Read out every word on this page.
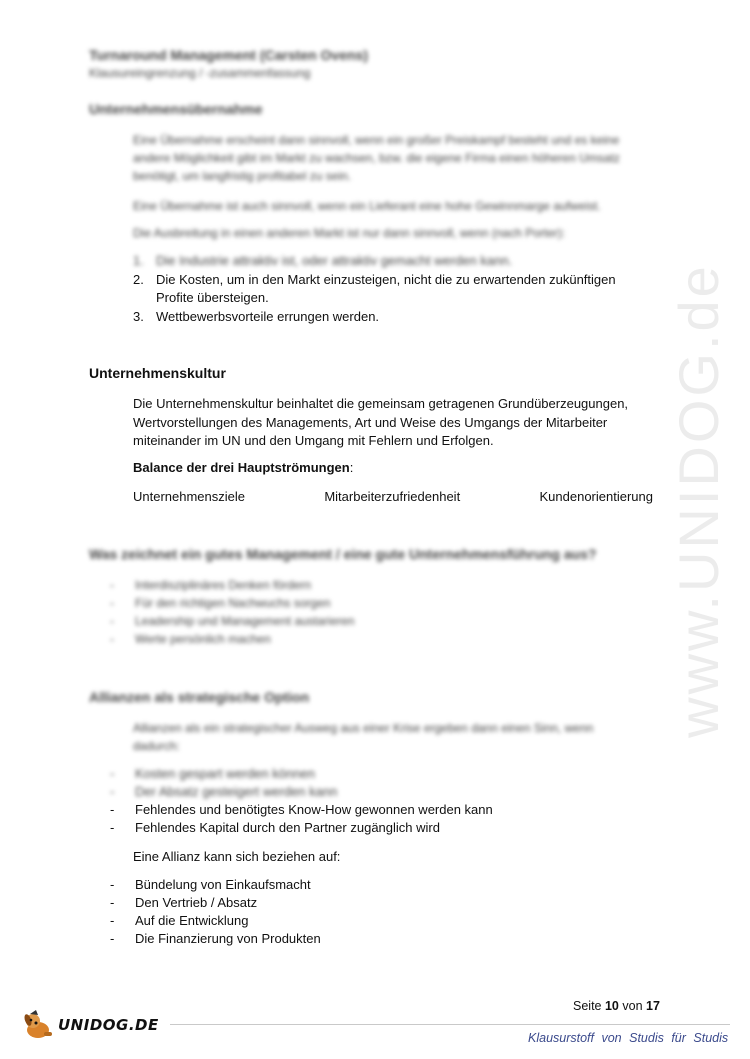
www.UNIDOG.de
Turnaround Management (Carsten Ovens)
Klausureingrenzung / -zusammenfassung
Unternehmensübernahme

Eine Übernahme erscheint dann sinnvoll, wenn ein großer Preiskampf besteht und es keine andere Möglichkeit gibt im Markt zu wachsen, bzw. die eigene Firma einen höheren Umsatz benötigt, um langfristig profitabel zu sein.

Eine Übernahme ist auch sinnvoll, wenn ein Lieferant eine hohe Gewinnmarge aufweist.

Die Ausbreitung in einen anderen Markt ist nur dann sinnvoll, wenn (nach Porter):

1. Die Industrie attraktiv ist, oder attraktiv gemacht werden kann.
2. Die Kosten, um in den Markt einzusteigen, nicht die zu erwartenden zukünftigen Profite übersteigen.
3. Wettbewerbsvorteile errungen werden.
Unternehmenskultur

Die Unternehmenskultur beinhaltet die gemeinsam getragenen Grundüberzeugungen, Wertvorstellungen des Managements, Art und Weise des Umgangs der Mitarbeiter miteinander im UN und den Umgang mit Fehlern und Erfolgen.

Balance der drei Hauptströmungen:
Unternehmensziele	Mitarbeiterzufriedenheit	Kundenorientierung
Was zeichnet ein gutes Management / eine gute Unternehmensführung aus?
- Interdisziplinäres Denken fördern
- Für den richtigen Nachwuchs sorgen
- Leadership und Management austarieren
- Werte persönlich machen
Allianzen als strategische Option

Allianzen als ein strategischer Ausweg aus einer Krise ergeben dann einen Sinn, wenn dadurch:

- Kosten gespart werden können
- Der Absatz gesteigert werden kann
- Fehlendes und benötigtes Know-How gewonnen werden kann
- Fehlendes Kapital durch den Partner zugänglich wird

Eine Allianz kann sich beziehen auf:

- Bündelung von Einkaufsmacht
- Den Vertrieb / Absatz
- Auf die Entwicklung
- Die Finanzierung von Produkten
Seite 10 von 17
UNIDOG.DE
Klausurstoff von Studis für Studis
